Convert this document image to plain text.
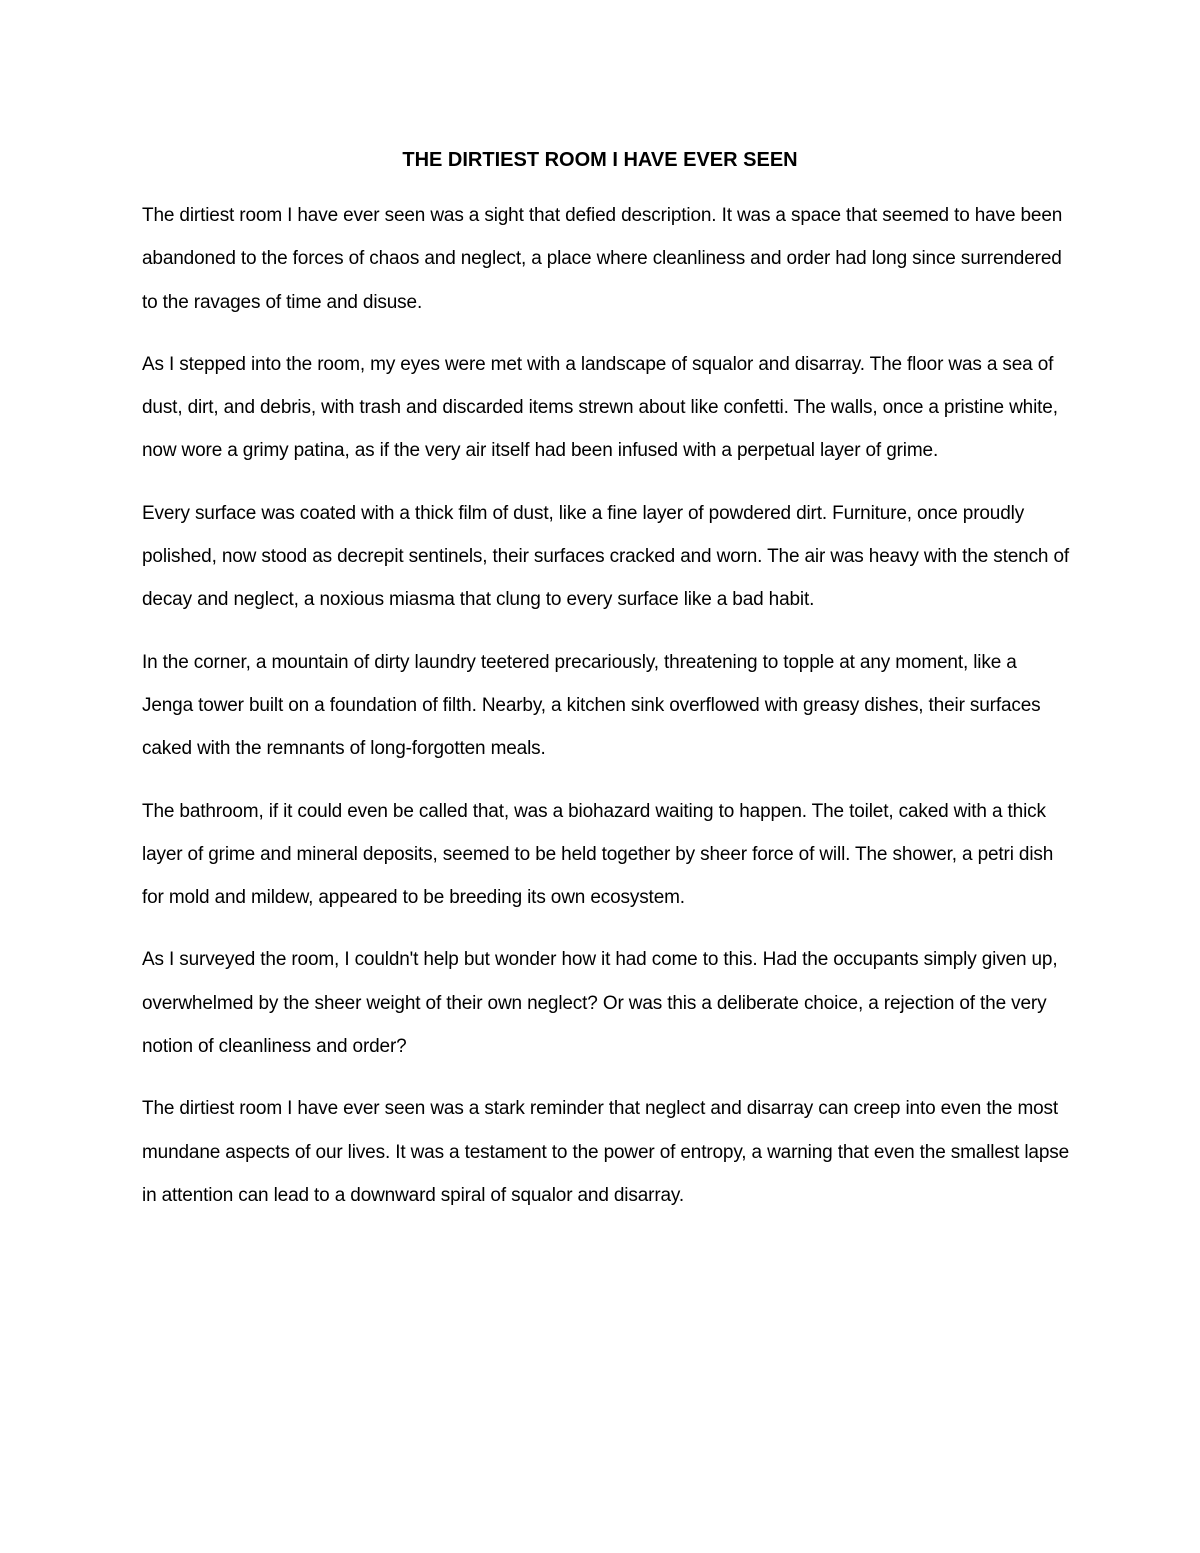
THE DIRTIEST ROOM I HAVE EVER SEEN

The dirtiest room I have ever seen was a sight that defied description. It was a space that seemed to have been abandoned to the forces of chaos and neglect, a place where cleanliness and order had long since surrendered to the ravages of time and disuse.

As I stepped into the room, my eyes were met with a landscape of squalor and disarray. The floor was a sea of dust, dirt, and debris, with trash and discarded items strewn about like confetti. The walls, once a pristine white, now wore a grimy patina, as if the very air itself had been infused with a perpetual layer of grime.

Every surface was coated with a thick film of dust, like a fine layer of powdered dirt. Furniture, once proudly polished, now stood as decrepit sentinels, their surfaces cracked and worn. The air was heavy with the stench of decay and neglect, a noxious miasma that clung to every surface like a bad habit.

In the corner, a mountain of dirty laundry teetered precariously, threatening to topple at any moment, like a Jenga tower built on a foundation of filth. Nearby, a kitchen sink overflowed with greasy dishes, their surfaces caked with the remnants of long-forgotten meals.

The bathroom, if it could even be called that, was a biohazard waiting to happen. The toilet, caked with a thick layer of grime and mineral deposits, seemed to be held together by sheer force of will. The shower, a petri dish for mold and mildew, appeared to be breeding its own ecosystem.

As I surveyed the room, I couldn't help but wonder how it had come to this. Had the occupants simply given up, overwhelmed by the sheer weight of their own neglect? Or was this a deliberate choice, a rejection of the very notion of cleanliness and order?

The dirtiest room I have ever seen was a stark reminder that neglect and disarray can creep into even the most mundane aspects of our lives. It was a testament to the power of entropy, a warning that even the smallest lapse in attention can lead to a downward spiral of squalor and disarray.
